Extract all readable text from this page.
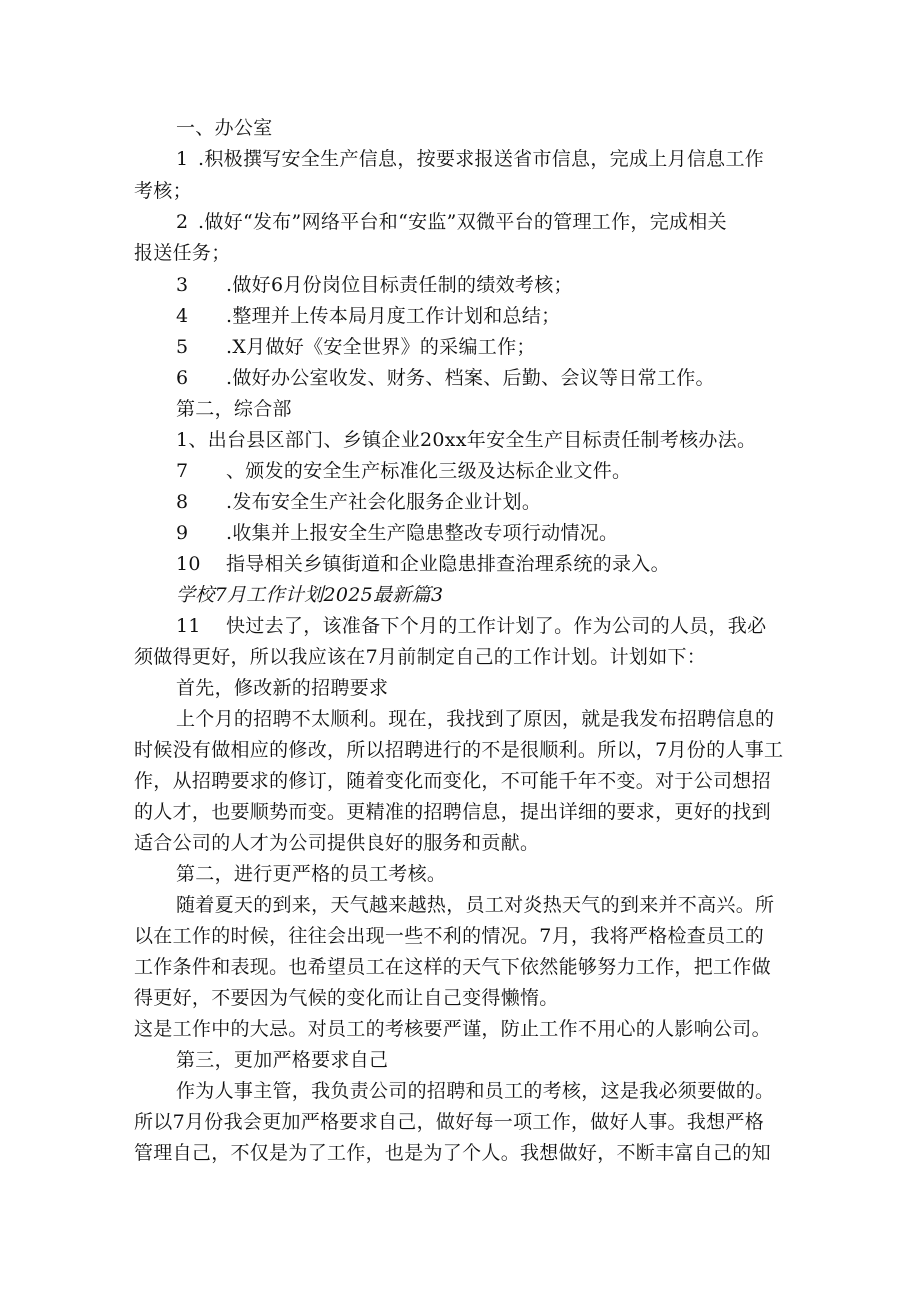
一、办公室
1 .积极撰写安全生产信息，按要求报送省市信息，完成上月信息工作
考核；
2 .做好“发布”网络平台和“安监”双微平台的管理工作，完成相关
报送任务；
3 .做好6月份岗位目标责任制的绩效考核；
4 .整理并上传本局月度工作计划和总结；
5 .X月做好《安全世界》的采编工作；
6 .做好办公室收发、财务、档案、后勤、会议等日常工作。
第二，综合部
1、出台县区部门、乡镇企业20xx年安全生产目标责任制考核办法。
7 、颁发的安全生产标准化三级及达标企业文件。
8 .发布安全生产社会化服务企业计划。
9 .收集并上报安全生产隐患整改专项行动情况。
10 指导相关乡镇街道和企业隐患排查治理系统的录入。
学校7月工作计划2025最新篇3
11 快过去了，该准备下个月的工作计划了。作为公司的人员，我必
须做得更好，所以我应该在7月前制定自己的工作计划。计划如下：
首先，修改新的招聘要求
上个月的招聘不太顺利。现在，我找到了原因，就是我发布招聘信息的
时候没有做相应的修改，所以招聘进行的不是很顺利。所以，7月份的人事工
作，从招聘要求的修订，随着变化而变化，不可能千年不变。对于公司想招
的人才，也要顺势而变。更精准的招聘信息，提出详细的要求，更好的找到
适合公司的人才为公司提供良好的服务和贡献。
第二，进行更严格的员工考核。
随着夏天的到来，天气越来越热，员工对炎热天气的到来并不高兴。所
以在工作的时候，往往会出现一些不利的情况。7月，我将严格检查员工的
工作条件和表现。也希望员工在这样的天气下依然能够努力工作，把工作做
得更好，不要因为气候的变化而让自己变得懒惰。
这是工作中的大忌。对员工的考核要严谨，防止工作不用心的人影响公司。
第三，更加严格要求自己
作为人事主管，我负责公司的招聘和员工的考核，这是我必须要做的。
所以7月份我会更加严格要求自己，做好每一项工作，做好人事。我想严格
管理自己，不仅是为了工作，也是为了个人。我想做好，不断丰富自己的知
